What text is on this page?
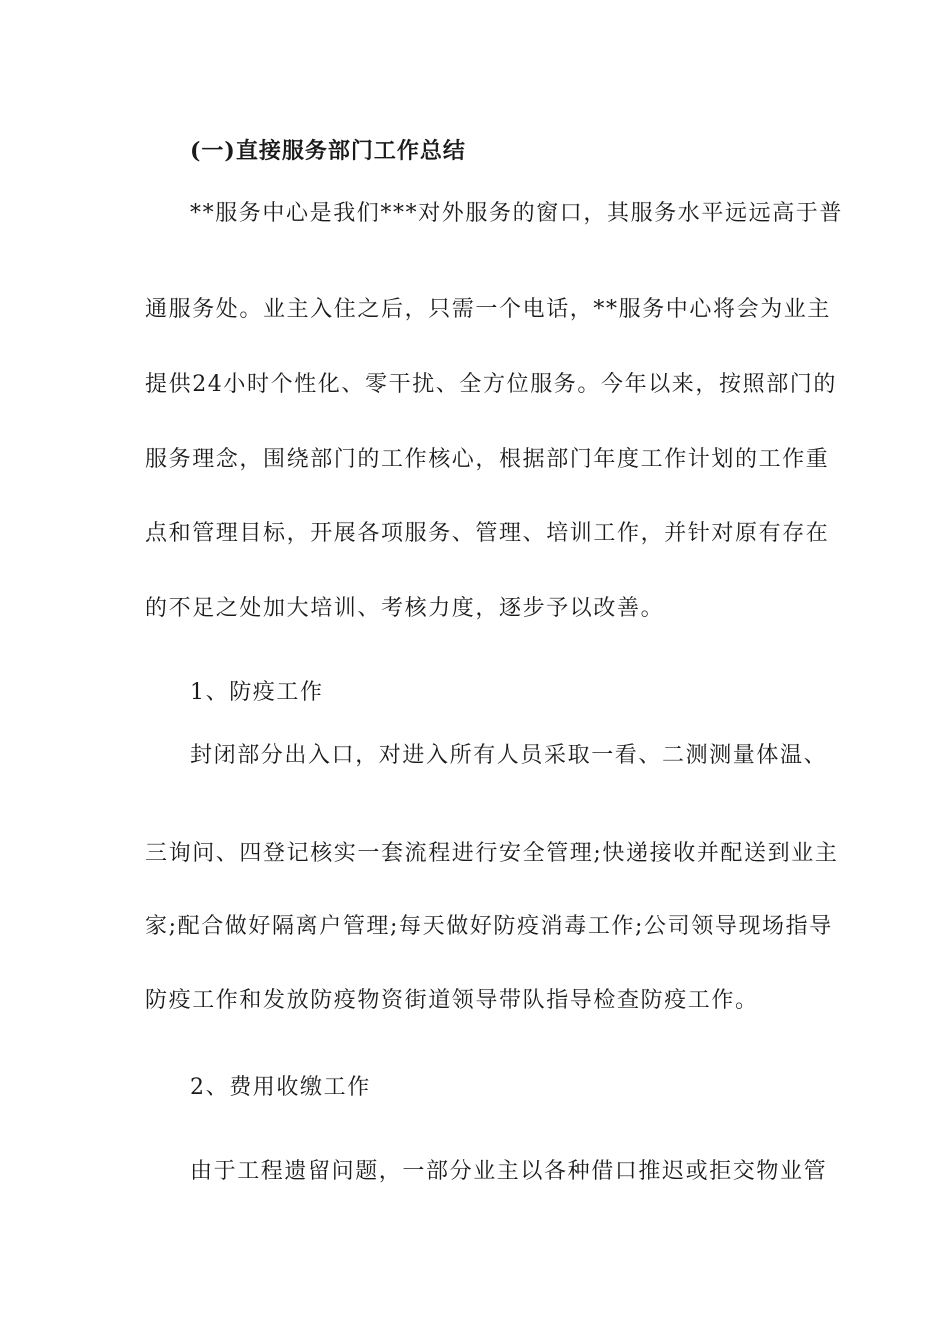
(一)直接服务部门工作总结
**服务中心是我们***对外服务的窗口，其服务水平远远高于普
通服务处。业主入住之后，只需一个电话，**服务中心将会为业主
提供24小时个性化、零干扰、全方位服务。今年以来，按照部门的
服务理念，围绕部门的工作核心，根据部门年度工作计划的工作重
点和管理目标，开展各项服务、管理、培训工作，并针对原有存在
的不足之处加大培训、考核力度，逐步予以改善。
1、防疫工作
封闭部分出入口，对进入所有人员采取一看、二测测量体温、
三询问、四登记核实一套流程进行安全管理;快递接收并配送到业主
家;配合做好隔离户管理;每天做好防疫消毒工作;公司领导现场指导
防疫工作和发放防疫物资街道领导带队指导检查防疫工作。
2、费用收缴工作
由于工程遗留问题，一部分业主以各种借口推迟或拒交物业管
